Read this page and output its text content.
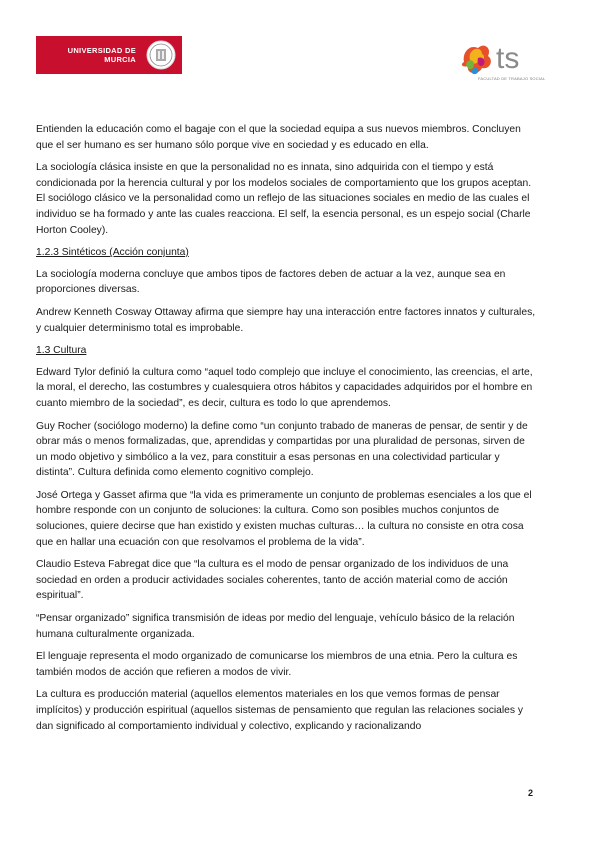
UNIVERSIDAD DE MURCIA	ts
FACULTAD DE TRABAJO SOCIAL

Entienden la educación como el bagaje con el que la sociedad equipa a sus nuevos miembros. Concluyen que el ser humano es ser humano sólo porque vive en sociedad y es educado en ella.

La sociología clásica insiste en que la personalidad no es innata, sino adquirida con el tiempo y está condicionada por la herencia cultural y por los modelos sociales de comportamiento que los grupos aceptan. El sociólogo clásico ve la personalidad como un reflejo de las situaciones sociales en medio de las cuales el individuo se ha formado y ante las cuales reacciona. El self, la esencia personal, es un espejo social (Charle Horton Cooley).

1.2.3 Sintéticos (Acción conjunta)

La sociología moderna concluye que ambos tipos de factores deben de actuar a la vez, aunque sea en proporciones diversas.

Andrew Kenneth Cosway Ottaway afirma que siempre hay una interacción entre factores innatos y culturales, y cualquier determinismo total es improbable.

1.3 Cultura

Edward Tylor definió la cultura como “aquel todo complejo que incluye el conocimiento, las creencias, el arte, la moral, el derecho, las costumbres y cualesquiera otros hábitos y capacidades adquiridos por el hombre en cuanto miembro de la sociedad”, es decir, cultura es todo lo que aprendemos.

Guy Rocher (sociólogo moderno) la define como “un conjunto trabado de maneras de pensar, de sentir y de obrar más o menos formalizadas, que, aprendidas y compartidas por una pluralidad de personas, sirven de un modo objetivo y simbólico a la vez, para constituir a esas personas en una colectividad particular y distinta”. Cultura definida como elemento cognitivo complejo.

José Ortega y Gasset afirma que “la vida es primeramente un conjunto de problemas esenciales a los que el hombre responde con un conjunto de soluciones: la cultura. Como son posibles muchos conjuntos de soluciones, quiere decirse que han existido y existen muchas culturas… la cultura no consiste en otra cosa que en hallar una ecuación con que resolvamos el problema de la vida”.

Claudio Esteva Fabregat dice que “la cultura es el modo de pensar organizado de los individuos de una sociedad en orden a producir actividades sociales coherentes, tanto de acción material como de acción espiritual”.

“Pensar organizado” significa transmisión de ideas por medio del lenguaje, vehículo básico de la relación humana culturalmente organizada.

El lenguaje representa el modo organizado de comunicarse los miembros de una etnia. Pero la cultura es también modos de acción que refieren a modos de vivir.

La cultura es producción material (aquellos elementos materiales en los que vemos formas de pensar implícitos) y producción espiritual (aquellos sistemas de pensamiento que regulan las relaciones sociales y dan significado al comportamiento individual y colectivo, explicando y racionalizando

2
